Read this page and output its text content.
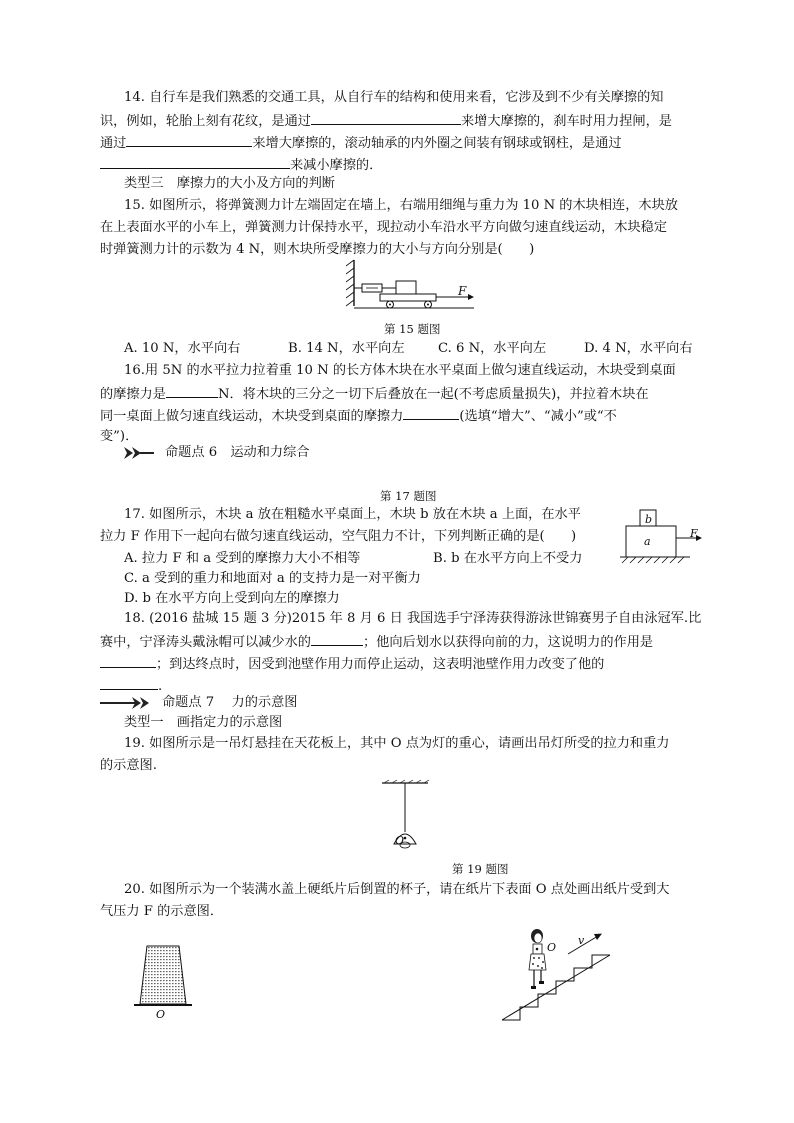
14. 自行车是我们熟悉的交通工具，从自行车的结构和使用来看，它涉及到不少有关摩擦的知
识，例如，轮胎上刻有花纹，是通过	来增大摩擦的，刹车时用力捏闸，是
通过	来增大摩擦的，滚动轴承的内外圈之间装有钢球或钢柱，是通过
来减小摩擦的．
类型三　摩擦力的大小及方向的判断
15. 如图所示，将弹簧测力计左端固定在墙上，右端用细绳与重力为 10 N 的木块相连，木块放
在上表面水平的小车上，弹簧测力计保持水平，现拉动小车沿水平方向做匀速直线运动，木块稳定
时弹簧测力计的示数为 4 N，则木块所受摩擦力的大小与方向分别是(　　)
F
第 15 题图
A. 10 N，水平向右	B. 14 N，水平向左	C. 6 N，水平向左	D. 4 N，水平向右
16.用 5N 的水平拉力拉着重 10 N 的长方体木块在水平桌面上做匀速直线运动，木块受到桌面
的摩擦力是	N．将木块的三分之一切下后叠放在一起(不考虑质量损失)，并拉着木块在
同一桌面上做匀速直线运动，木块受到桌面的摩擦力	(选填“增大”、“减小”或“不
变”)．
命题点 6　运动和力综合
第 17 题图
17. 如图所示，木块 a 放在粗糙水平桌面上，木块 b 放在木块 a 上面，在水平
拉力 F 作用下一起向右做匀速直线运动，空气阻力不计，下列判断正确的是(　　)
A. 拉力 F 和 a 受到的摩擦力大小不相等	B. b 在水平方向上不受力
C. a 受到的重力和地面对 a 的支持力是一对平衡力
D. b 在水平方向上受到向左的摩擦力
b
a
F
18. (2016 盐城 15 题 3 分)2015 年 8 月 6 日 我国选手宁泽涛获得游泳世锦赛男子自由泳冠军.比
赛中，宁泽涛头戴泳帽可以减少水的	；他向后划水以获得向前的力，这说明力的作用是
；到达终点时，因受到池壁作用力而停止运动，这表明池壁作用力改变了他的
.
命题点 7　 力的示意图
类型一　画指定力的示意图
19. 如图所示是一吊灯悬挂在天花板上，其中 O 点为灯的重心，请画出吊灯所受的拉力和重力
的示意图.
O
第 19 题图
20. 如图所示为一个装满水盖上硬纸片后倒置的杯子，请在纸片下表面 O 点处画出纸片受到大
气压力 F 的示意图．
O
O
v
